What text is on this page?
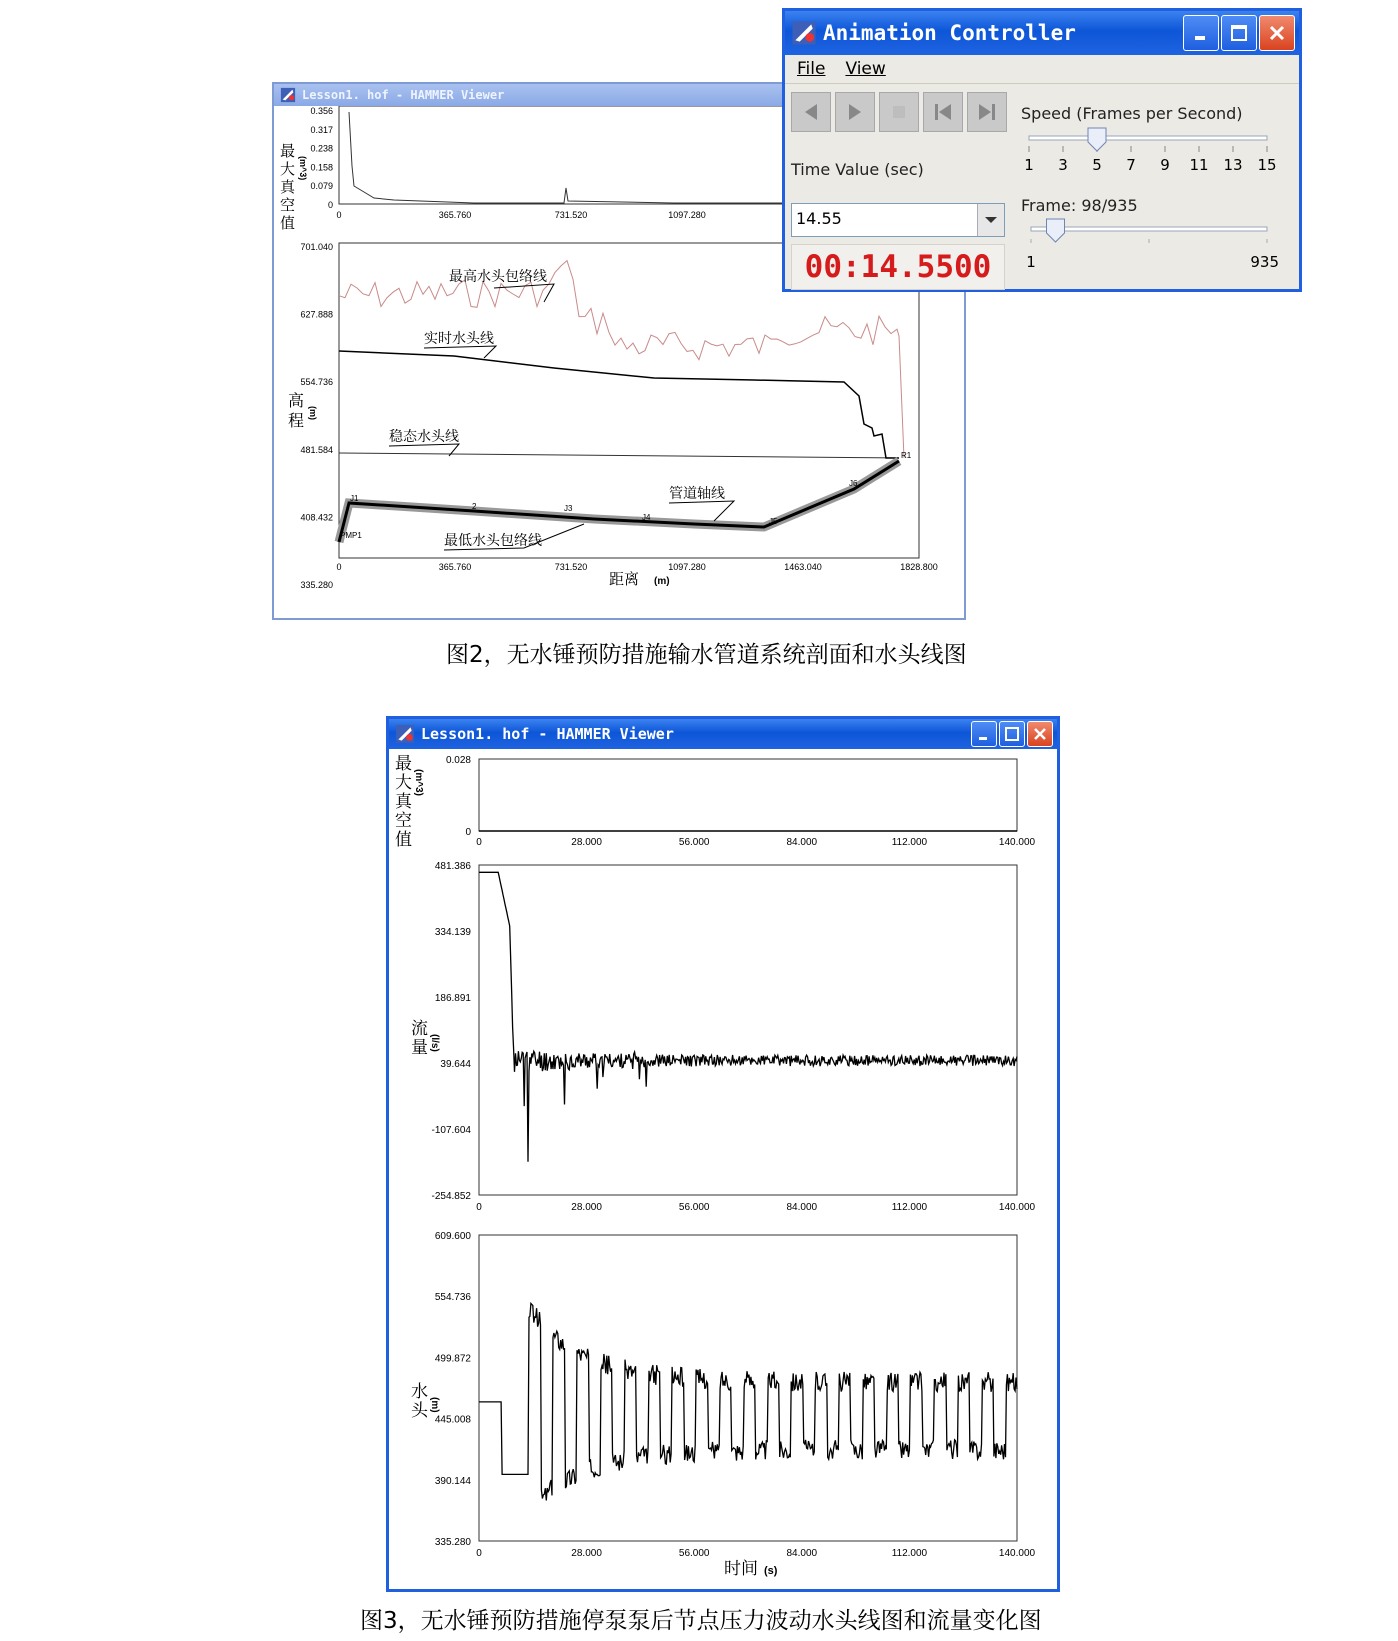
Lesson1. hof - HAMMER Viewer
0.356
0.317
0.238
0.158
0.079
0
0	365.760	731.520	1097.280
最大真空值
701.040
627.888
554.736
481.584
408.432
335.280
0	365.760	731.520	1097.280	1463.040	1828.800
最高水头包络线
实时水头线
稳态水头线
管道轴线
最低水头包络线
J1
2	J3
J4	J5
J6
PMP1
R1
高程
距离 (m)
(m^3)
(m)
图2，无水锤预防措施输水管道系统剖面和水头线图
Animation Controller
File View
Time Value (sec)
14.55
00:14.5500
Speed (Frames per Second)
1 3 5 7 9 11 13 15
Frame: 98/935
1	935
Lesson1. hof - HAMMER Viewer
最大真空值
0.028
0
0	28.000	56.000	84.000	112.000	140.000
流量
481.386
334.139
186.891
39.644
-107.604
-254.852
0	28.000	56.000	84.000	112.000	140.000
水头
609.600
554.736
499.872
445.008
390.144
335.280
0	28.000	56.000	84.000	112.000	140.000
时间 (s)
(m^3)
(l/s)
(m)
图3，无水锤预防措施停泵泵后节点压力波动水头线图和流量变化图
